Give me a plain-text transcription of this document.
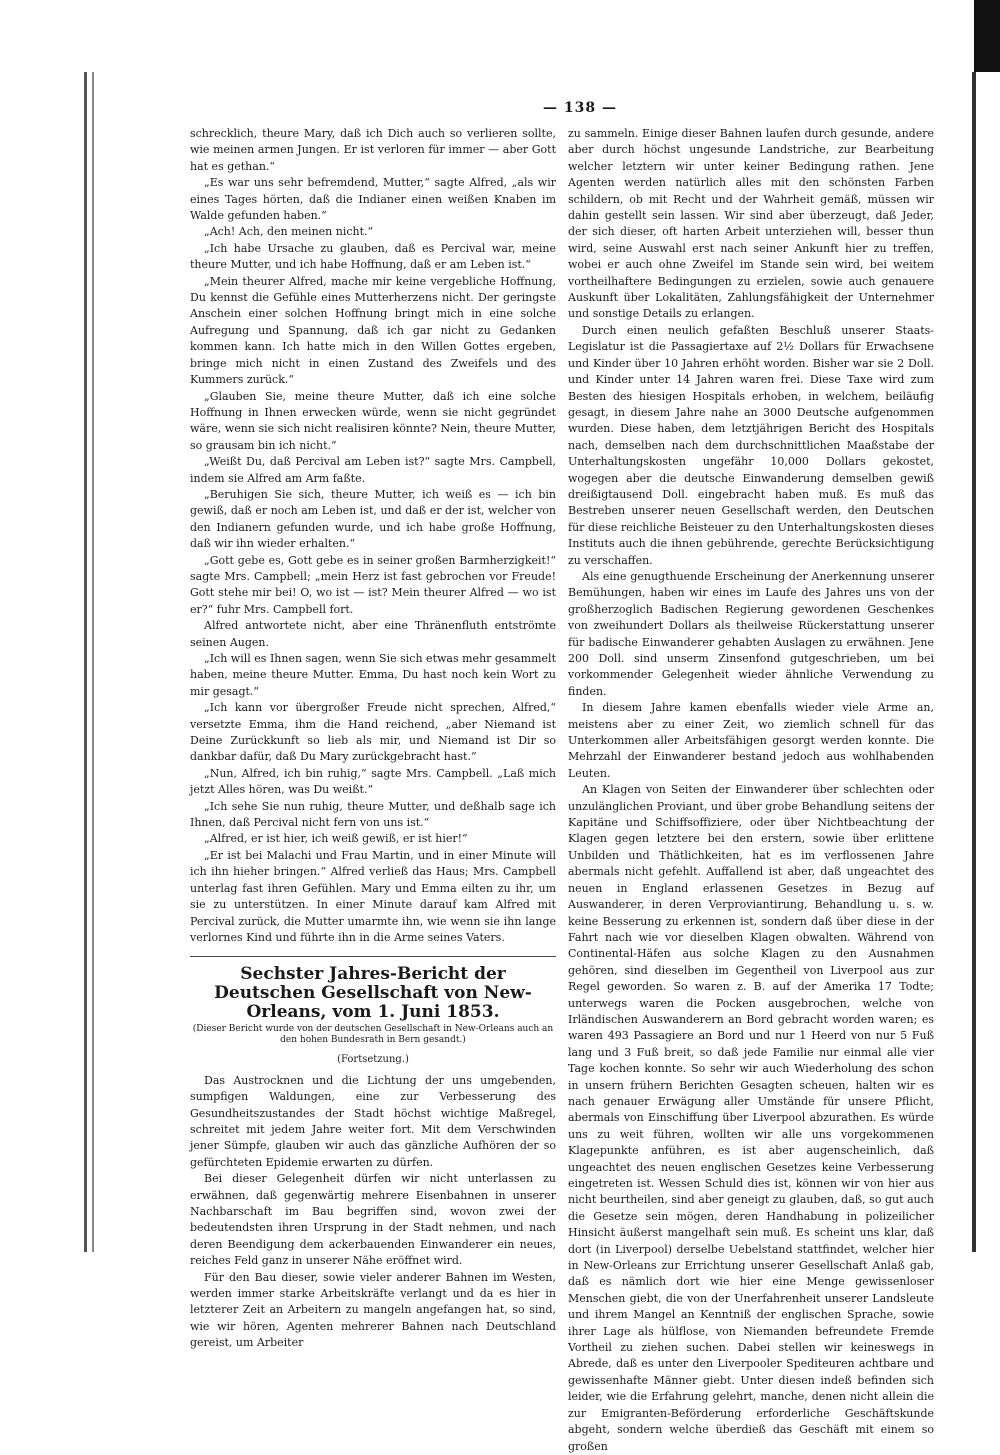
— 138 —

schrecklich, theure Mary, daß ich Dich auch so verlieren sollte, wie meinen armen Jungen. Er ist verloren für immer — aber Gott hat es gethan.“

„Es war uns sehr befremdend, Mutter,“ sagte Alfred, „als wir eines Tages hörten, daß die Indianer einen weißen Knaben im Walde gefunden haben.“

„Ach! Ach, den meinen nicht.“

„Ich habe Ursache zu glauben, daß es Percival war, meine theure Mutter, und ich habe Hoffnung, daß er am Leben ist.“

„Mein theurer Alfred, mache mir keine vergebliche Hoffnung, Du kennst die Gefühle eines Mutterherzens nicht. Der geringste Anschein einer solchen Hoffnung bringt mich in eine solche Aufregung und Spannung, daß ich gar nicht zu Gedanken kommen kann. Ich hatte mich in den Willen Gottes ergeben, bringe mich nicht in einen Zustand des Zweifels und des Kummers zurück.“

„Glauben Sie, meine theure Mutter, daß ich eine solche Hoffnung in Ihnen erwecken würde, wenn sie nicht gegründet wäre, wenn sie sich nicht realisiren könnte? Nein, theure Mutter, so grausam bin ich nicht.“

„Weißt Du, daß Percival am Leben ist?“ sagte Mrs. Campbell, indem sie Alfred am Arm faßte.

„Beruhigen Sie sich, theure Mutter, ich weiß es — ich bin gewiß, daß er noch am Leben ist, und daß er der ist, welcher von den Indianern gefunden wurde, und ich habe große Hoffnung, daß wir ihn wieder erhalten.“

„Gott gebe es, Gott gebe es in seiner großen Barmherzigkeit!“ sagte Mrs. Campbell; „mein Herz ist fast gebrochen vor Freude! Gott stehe mir bei! O, wo ist — ist? Mein theurer Alfred — wo ist er?“ fuhr Mrs. Campbell fort.

Alfred antwortete nicht, aber eine Thränenfluth entströmte seinen Augen.

„Ich will es Ihnen sagen, wenn Sie sich etwas mehr gesammelt haben, meine theure Mutter. Emma, Du hast noch kein Wort zu mir gesagt.“

„Ich kann vor übergroßer Freude nicht sprechen, Alfred,“ versetzte Emma, ihm die Hand reichend, „aber Niemand ist Deine Zurückkunft so lieb als mir, und Niemand ist Dir so dankbar dafür, daß Du Mary zurückgebracht hast.“

„Nun, Alfred, ich bin ruhig,“ sagte Mrs. Campbell. „Laß mich jetzt Alles hören, was Du weißt.“

„Ich sehe Sie nun ruhig, theure Mutter, und deßhalb sage ich Ihnen, daß Percival nicht fern von uns ist.“

„Alfred, er ist hier, ich weiß gewiß, er ist hier!“

„Er ist bei Malachi und Frau Martin, und in einer Minute will ich ihn hieher bringen.“ Alfred verließ das Haus; Mrs. Campbell unterlag fast ihren Gefühlen. Mary und Emma eilten zu ihr, um sie zu unterstützen. In einer Minute darauf kam Alfred mit Percival zurück, die Mutter umarmte ihn, wie wenn sie ihn lange verlornes Kind und führte ihn in die Arme seines Vaters.

Sechster Jahres-Bericht der Deutschen Gesellschaft von New-Orleans, vom 1. Juni 1853.
(Dieser Bericht wurde von der deutschen Gesellschaft in New-Orleans auch an den hohen Bundesrath in Bern gesandt.)
(Fortsetzung.)

Das Austrocknen und die Lichtung der uns umgebenden, sumpfigen Waldungen, eine zur Verbesserung des Gesundheitszustandes der Stadt höchst wichtige Maßregel, schreitet mit jedem Jahre weiter fort. Mit dem Verschwinden jener Sümpfe, glauben wir auch das gänzliche Aufhören der so gefürchteten Epidemie erwarten zu dürfen.

Bei dieser Gelegenheit dürfen wir nicht unterlassen zu erwähnen, daß gegenwärtig mehrere Eisenbahnen in unserer Nachbarschaft im Bau begriffen sind, wovon zwei der bedeutendsten ihren Ursprung in der Stadt nehmen, und nach deren Beendigung dem ackerbauenden Einwanderer ein neues, reiches Feld ganz in unserer Nähe eröffnet wird.

Für den Bau dieser, sowie vieler anderer Bahnen im Westen, werden immer starke Arbeitskräfte verlangt und da es hier in letzterer Zeit an Arbeitern zu mangeln angefangen hat, so sind, wie wir hören, Agenten mehrerer Bahnen nach Deutschland gereist, um Arbeiter

zu sammeln. Einige dieser Bahnen laufen durch gesunde, andere aber durch höchst ungesunde Landstriche, zur Bearbeitung welcher letztern wir unter keiner Bedingung rathen. Jene Agenten werden natürlich alles mit den schönsten Farben schildern, ob mit Recht und der Wahrheit gemäß, müssen wir dahin gestellt sein lassen. Wir sind aber überzeugt, daß Jeder, der sich dieser, oft harten Arbeit unterziehen will, besser thun wird, seine Auswahl erst nach seiner Ankunft hier zu treffen, wobei er auch ohne Zweifel im Stande sein wird, bei weitem vortheilhaftere Bedingungen zu erzielen, sowie auch genauere Auskunft über Lokalitäten, Zahlungsfähigkeit der Unternehmer und sonstige Details zu erlangen.

Durch einen neulich gefaßten Beschluß unserer Staats-Legislatur ist die Passagiertaxe auf 2½ Dollars für Erwachsene und Kinder über 10 Jahren erhöht worden. Bisher war sie 2 Doll. und Kinder unter 14 Jahren waren frei. Diese Taxe wird zum Besten des hiesigen Hospitals erhoben, in welchem, beiläufig gesagt, in diesem Jahre nahe an 3000 Deutsche aufgenommen wurden. Diese haben, dem letztjährigen Bericht des Hospitals nach, demselben nach dem durchschnittlichen Maaßstabe der Unterhaltungskosten ungefähr 10,000 Dollars gekostet, wogegen aber die deutsche Einwanderung demselben gewiß dreißigtausend Doll. eingebracht haben muß. Es muß das Bestreben unserer neuen Gesellschaft werden, den Deutschen für diese reichliche Beisteuer zu den Unterhaltungskosten dieses Instituts auch die ihnen gebührende, gerechte Berücksichtigung zu verschaffen.

Als eine genugthuende Erscheinung der Anerkennung unserer Bemühungen, haben wir eines im Laufe des Jahres uns von der großherzoglich Badischen Regierung gewordenen Geschenkes von zweihundert Dollars als theilweise Rückerstattung unserer für badische Einwanderer gehabten Auslagen zu erwähnen. Jene 200 Doll. sind unserm Zinsenfond gutgeschrieben, um bei vorkommender Gelegenheit wieder ähnliche Verwendung zu finden.

In diesem Jahre kamen ebenfalls wieder viele Arme an, meistens aber zu einer Zeit, wo ziemlich schnell für das Unterkommen aller Arbeitsfähigen gesorgt werden konnte. Die Mehrzahl der Einwanderer bestand jedoch aus wohlhabenden Leuten.

An Klagen von Seiten der Einwanderer über schlechten oder unzulänglichen Proviant, und über grobe Behandlung seitens der Kapitäne und Schiffsoffiziere, oder über Nichtbeachtung der Klagen gegen letztere bei den erstern, sowie über erlittene Unbilden und Thätlichkeiten, hat es im verflossenen Jahre abermals nicht gefehlt. Auffallend ist aber, daß ungeachtet des neuen in England erlassenen Gesetzes in Bezug auf Auswanderer, in deren Verproviantirung, Behandlung u. s. w. keine Besserung zu erkennen ist, sondern daß über diese in der Fahrt nach wie vor dieselben Klagen obwalten. Während von Continental-Häfen aus solche Klagen zu den Ausnahmen gehören, sind dieselben im Gegentheil von Liverpool aus zur Regel geworden. So waren z. B. auf der Amerika 17 Todte; unterwegs waren die Pocken ausgebrochen, welche von Irländischen Auswanderern an Bord gebracht worden waren; es waren 493 Passagiere an Bord und nur 1 Heerd von nur 5 Fuß lang und 3 Fuß breit, so daß jede Familie nur einmal alle vier Tage kochen konnte. So sehr wir auch Wiederholung des schon in unsern frühern Berichten Gesagten scheuen, halten wir es nach genauer Erwägung aller Umstände für unsere Pflicht, abermals von Einschiffung über Liverpool abzurathen. Es würde uns zu weit führen, wollten wir alle uns vorgekommenen Klagepunkte anführen, es ist aber augenscheinlich, daß ungeachtet des neuen englischen Gesetzes keine Verbesserung eingetreten ist. Wessen Schuld dies ist, können wir von hier aus nicht beurtheilen, sind aber geneigt zu glauben, daß, so gut auch die Gesetze sein mögen, deren Handhabung in polizeilicher Hinsicht äußerst mangelhaft sein muß. Es scheint uns klar, daß dort (in Liverpool) derselbe Uebelstand stattfindet, welcher hier in New-Orleans zur Errichtung unserer Gesellschaft Anlaß gab, daß es nämlich dort wie hier eine Menge gewissenloser Menschen giebt, die von der Unerfahrenheit unserer Landsleute und ihrem Mangel an Kenntniß der englischen Sprache, sowie ihrer Lage als hülflose, von Niemanden befreundete Fremde Vortheil zu ziehen suchen. Dabei stellen wir keineswegs in Abrede, daß es unter den Liverpooler Spediteuren achtbare und gewissenhafte Männer giebt. Unter diesen indeß befinden sich leider, wie die Erfahrung gelehrt, manche, denen nicht allein die zur Emigranten-Beförderung erforderliche Geschäftskunde abgeht, sondern welche überdieß das Geschäft mit einem so großen
